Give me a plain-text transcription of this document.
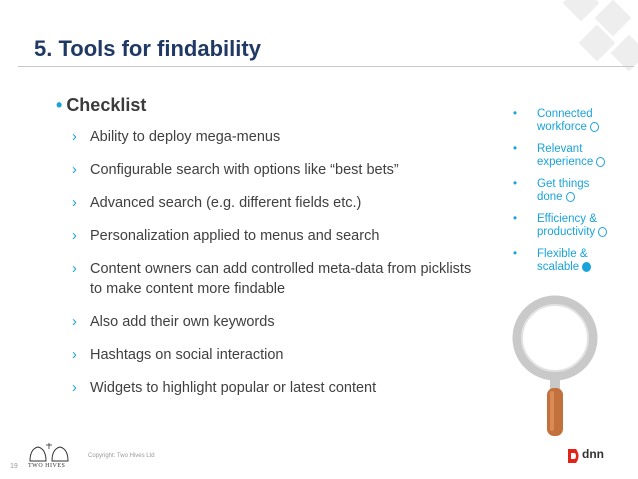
5. Tools for findability
• Checklist
› Ability to deploy mega-menus
› Configurable search with options like “best bets”
› Advanced search (e.g. different fields etc.)
› Personalization applied to menus and search
› Content owners can add controlled meta-data from picklists to make content more findable
› Also add their own keywords
› Hashtags on social interaction
› Widgets to highlight popular or latest content
• Connected workforce
• Relevant experience
• Get things done
• Efficiency & productivity
• Flexible & scalable
19 TWO HIVES
Copyright: Two Hives Ltd	dnn
